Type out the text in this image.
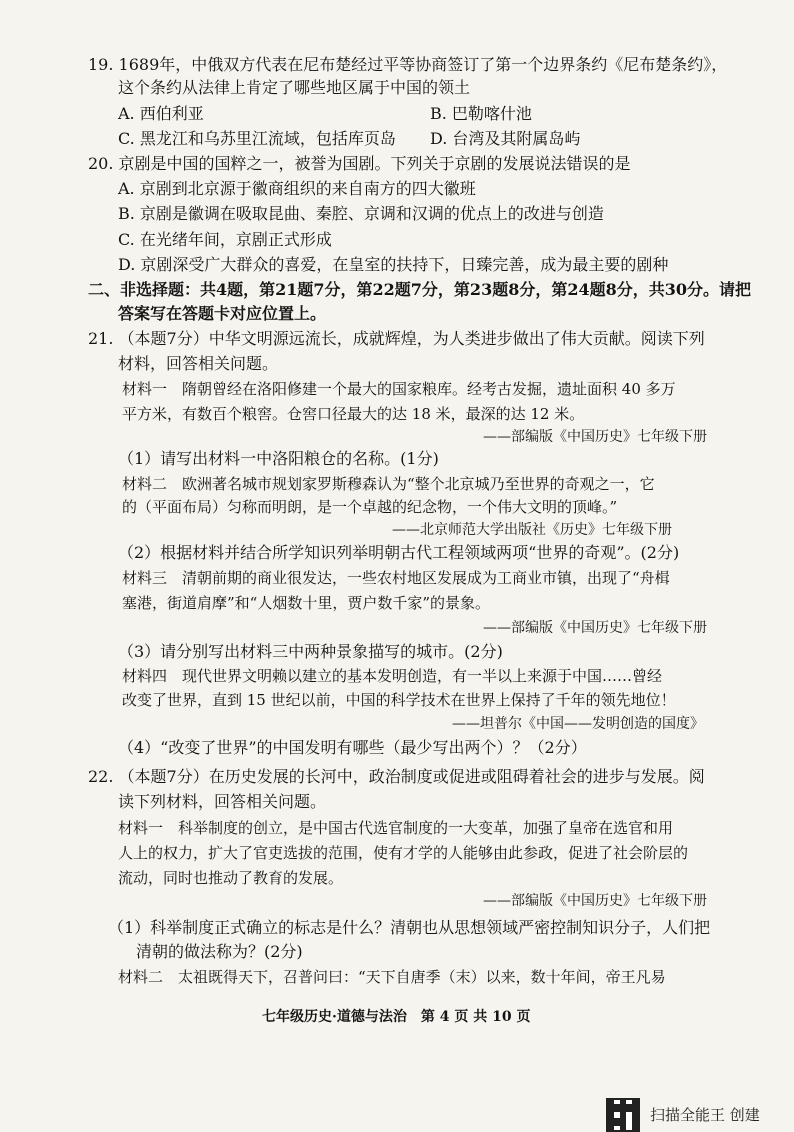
19. 1689年，中俄双方代表在尼布楚经过平等协商签订了第一个边界条约《尼布楚条约》，
这个条约从法律上肯定了哪些地区属于中国的领土
A. 西伯利亚	B. 巴勒喀什池
C. 黑龙江和乌苏里江流域，包括库页岛 D. 台湾及其附属岛屿
20. 京剧是中国的国粹之一，被誉为国剧。下列关于京剧的发展说法错误的是
A. 京剧到北京源于徽商组织的来自南方的四大徽班
B. 京剧是徽调在吸取昆曲、秦腔、京调和汉调的优点上的改进与创造
C. 在光绪年间，京剧正式形成
D. 京剧深受广大群众的喜爱，在皇室的扶持下，日臻完善，成为最主要的剧种
二、非选择题：共4题，第21题7分，第22题7分，第23题8分，第24题8分，共30分。请把
答案写在答题卡对应位置上。
21. （本题7分）中华文明源远流长，成就辉煌，为人类进步做出了伟大贡献。阅读下列
材料，回答相关问题。
材料一　隋朝曾经在洛阳修建一个最大的国家粮库。经考古发掘，遗址面积 40 多万
平方米，有数百个粮窖。仓窖口径最大的达 18 米，最深的达 12 米。
——部编版《中国历史》七年级下册
（1）请写出材料一中洛阳粮仓的名称。(1分)
材料二　欧洲著名城市规划家罗斯穆森认为“整个北京城乃至世界的奇观之一，它
的（平面布局）匀称而明朗，是一个卓越的纪念物，一个伟大文明的顶峰。”
——北京师范大学出版社《历史》七年级下册
（2）根据材料并结合所学知识列举明朝古代工程领域两项“世界的奇观”。(2分)
材料三　清朝前期的商业很发达，一些农村地区发展成为工商业市镇，出现了“舟楫
塞港，街道肩摩”和“人烟数十里，贾户数千家”的景象。
——部编版《中国历史》七年级下册
（3）请分别写出材料三中两种景象描写的城市。(2分)
材料四　现代世界文明赖以建立的基本发明创造，有一半以上来源于中国……曾经
改变了世界，直到 15 世纪以前，中国的科学技术在世界上保持了千年的领先地位！
——坦普尔《中国——发明创造的国度》
（4）“改变了世界”的中国发明有哪些（最少写出两个）？（2分）
22. （本题7分）在历史发展的长河中，政治制度或促进或阻碍着社会的进步与发展。阅
读下列材料，回答相关问题。
材料一　科举制度的创立，是中国古代选官制度的一大变革，加强了皇帝在选官和用
人上的权力，扩大了官吏选拔的范围，使有才学的人能够由此参政，促进了社会阶层的
流动，同时也推动了教育的发展。
——部编版《中国历史》七年级下册
（1）科举制度正式确立的标志是什么？清朝也从思想领域严密控制知识分子，人们把
清朝的做法称为？(2分)
材料二　太祖既得天下，召普问曰：“天下自唐季（末）以来，数十年间，帝王凡易
七年级历史·道德与法治　第 4 页 共 10 页
扫描全能王 创建
